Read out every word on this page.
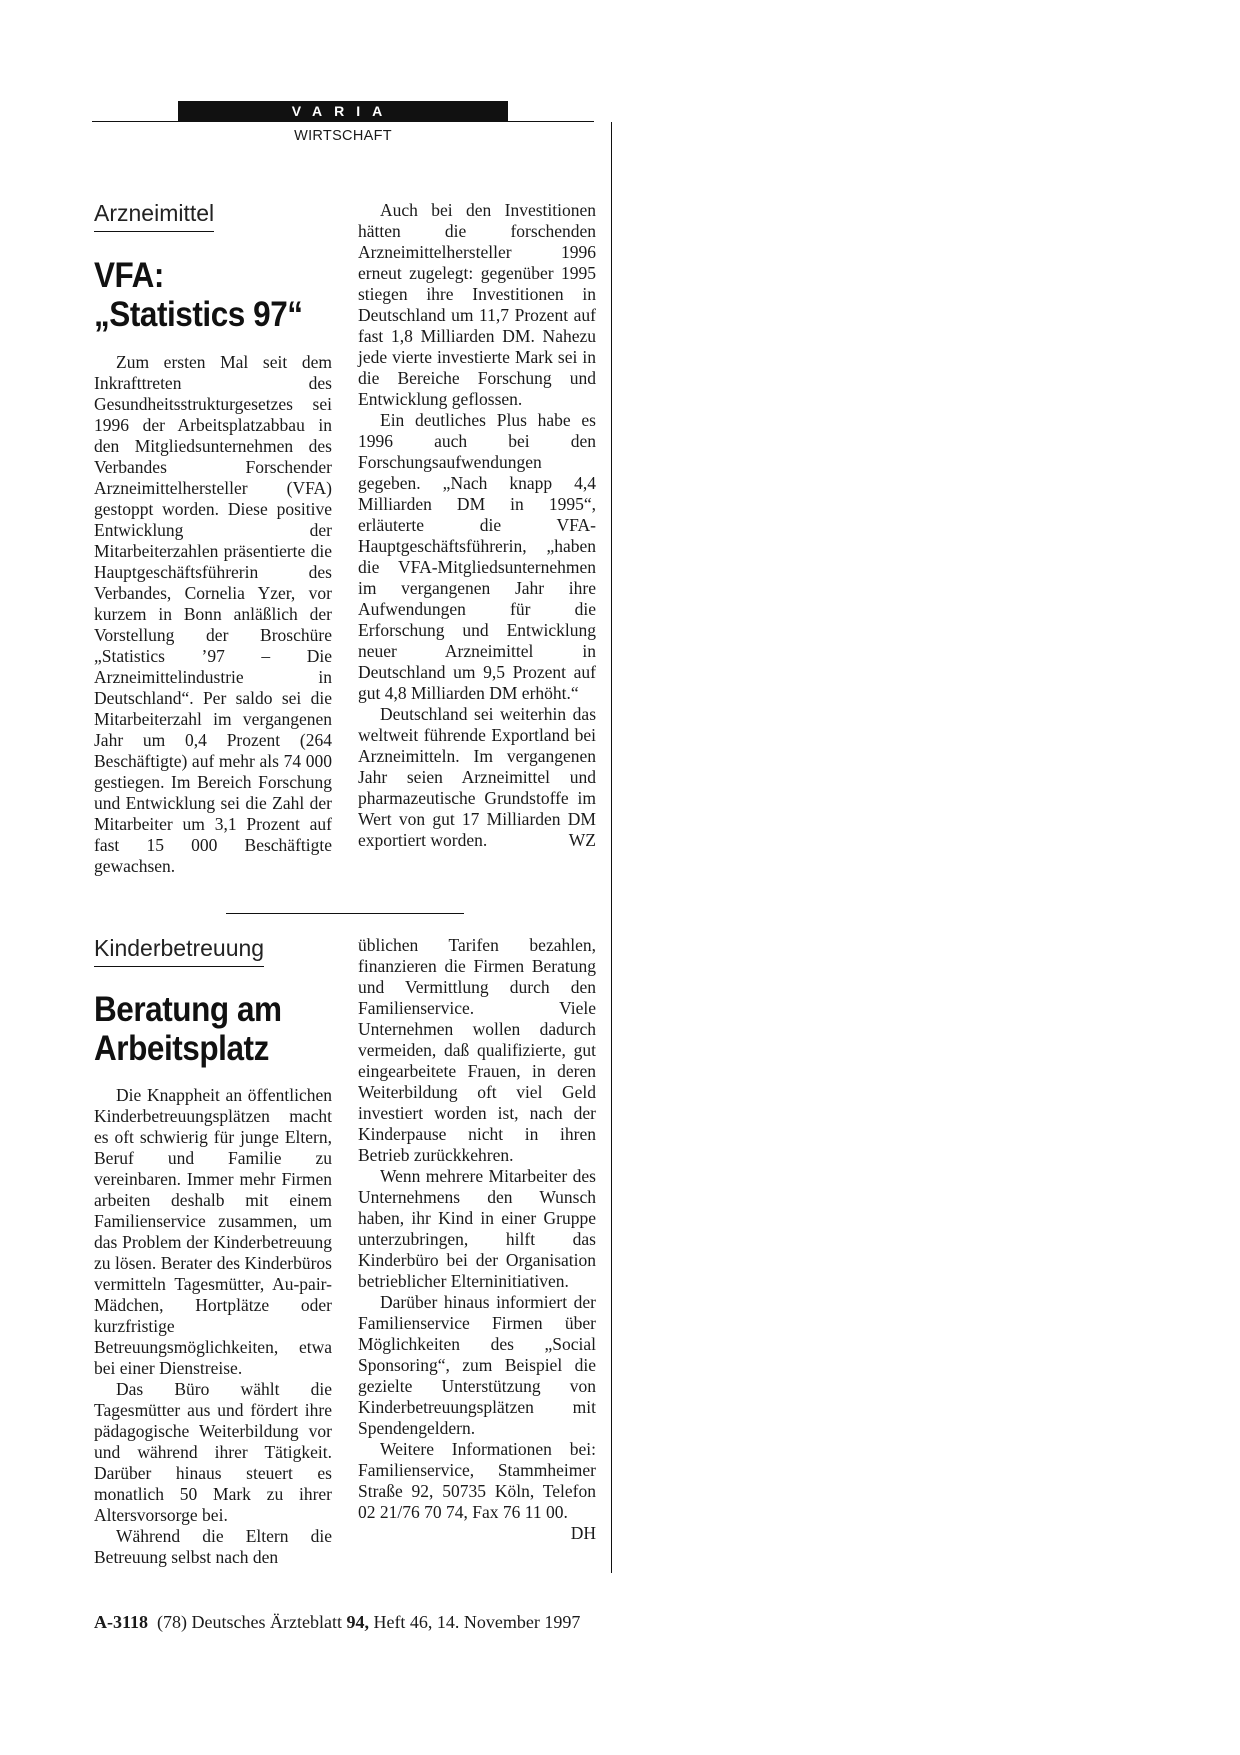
VARIA
WIRTSCHAFT
Arzneimittel
VFA:
„Statistics 97“

Zum ersten Mal seit dem Inkrafttreten des Gesundheitsstrukturgesetzes sei 1996 der Arbeitsplatzabbau in den Mitgliedsunternehmen des Verbandes Forschender Arzneimittelhersteller (VFA) gestoppt worden. Diese positive Entwicklung der Mitarbeiterzahlen präsentierte die Hauptgeschäftsführerin des Verbandes, Cornelia Yzer, vor kurzem in Bonn anläßlich der Vorstellung der Broschüre „Statistics ’97 – Die Arzneimittelindustrie in Deutschland“. Per saldo sei die Mitarbeiterzahl im vergangenen Jahr um 0,4 Prozent (264 Beschäftigte) auf mehr als 74 000 gestiegen. Im Bereich Forschung und Entwicklung sei die Zahl der Mitarbeiter um 3,1 Prozent auf fast 15 000 Beschäftigte gewachsen.

Auch bei den Investitionen hätten die forschenden Arzneimittelhersteller 1996 erneut zugelegt: gegenüber 1995 stiegen ihre Investitionen in Deutschland um 11,7 Prozent auf fast 1,8 Milliarden DM. Nahezu jede vierte investierte Mark sei in die Bereiche Forschung und Entwicklung geflossen.

Ein deutliches Plus habe es 1996 auch bei den Forschungsaufwendungen gegeben. „Nach knapp 4,4 Milliarden DM in 1995“, erläuterte die VFA-Hauptgeschäftsführerin, „haben die VFA-Mitgliedsunternehmen im vergangenen Jahr ihre Aufwendungen für die Erforschung und Entwicklung neuer Arzneimittel in Deutschland um 9,5 Prozent auf gut 4,8 Milliarden DM erhöht.“

Deutschland sei weiterhin das weltweit führende Exportland bei Arzneimitteln. Im vergangenen Jahr seien Arzneimittel und pharmazeutische Grundstoffe im Wert von gut 17 Milliarden DM exportiert worden.	WZ

Kinderbetreuung
Beratung am
Arbeitsplatz

Die Knappheit an öffentlichen Kinderbetreuungsplätzen macht es oft schwierig für junge Eltern, Beruf und Familie zu vereinbaren. Immer mehr Firmen arbeiten deshalb mit einem Familienservice zusammen, um das Problem der Kinderbetreuung zu lösen. Berater des Kinderbüros vermitteln Tagesmütter, Au-pair-Mädchen, Hortplätze oder kurzfristige Betreuungsmöglichkeiten, etwa bei einer Dienstreise.

Das Büro wählt die Tagesmütter aus und fördert ihre pädagogische Weiterbildung vor und während ihrer Tätigkeit. Darüber hinaus steuert es monatlich 50 Mark zu ihrer Altersvorsorge bei.

Während die Eltern die Betreuung selbst nach den

üblichen Tarifen bezahlen, finanzieren die Firmen Beratung und Vermittlung durch den Familienservice. Viele Unternehmen wollen dadurch vermeiden, daß qualifizierte, gut eingearbeitete Frauen, in deren Weiterbildung oft viel Geld investiert worden ist, nach der Kinderpause nicht in ihren Betrieb zurückkehren.

Wenn mehrere Mitarbeiter des Unternehmens den Wunsch haben, ihr Kind in einer Gruppe unterzubringen, hilft das Kinderbüro bei der Organisation betrieblicher Elterninitiativen.

Darüber hinaus informiert der Familienservice Firmen über Möglichkeiten des „Social Sponsoring“, zum Beispiel die gezielte Unterstützung von Kinderbetreuungsplätzen mit Spendengeldern.

Weitere Informationen bei: Familienservice, Stammheimer Straße 92, 50735 Köln, Telefon 02 21/76 70 74, Fax 76 11 00.
DH

A-3118 (78) Deutsches Ärzteblatt 94, Heft 46, 14. November 1997
